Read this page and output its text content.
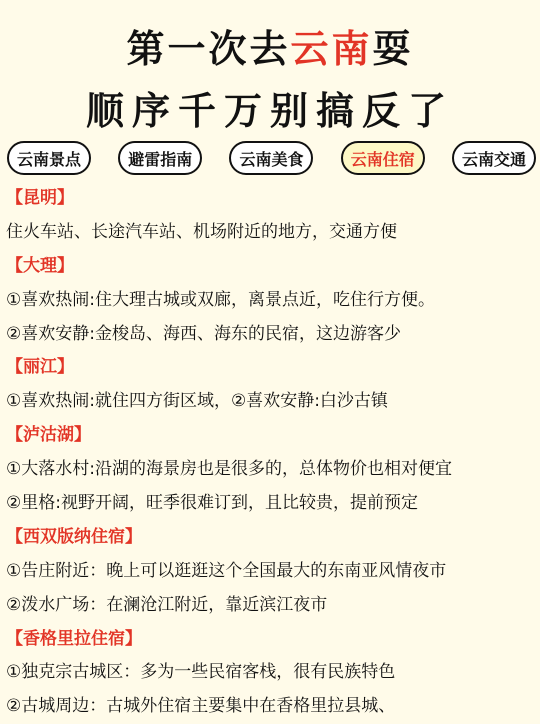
第一次去云南耍
顺序千万别搞反了
云南景点	避雷指南	云南美食	云南住宿	云南交通
【昆明】
住火车站、长途汽车站、机场附近的地方，交通方便
【大理】
①喜欢热闹:住大理古城或双廊，离景点近，吃住行方便。
②喜欢安静:金梭岛、海西、海东的民宿，这边游客少
【丽江】
①喜欢热闹:就住四方街区域，②喜欢安静:白沙古镇
【泸沽湖】
①大落水村:沿湖的海景房也是很多的，总体物价也相对便宜
②里格:视野开阔，旺季很难订到，且比较贵，提前预定
【西双版纳住宿】
①告庄附近：晚上可以逛逛这个全国最大的东南亚风情夜市
②泼水广场：在澜沧江附近，靠近滨江夜市
【香格里拉住宿】
①独克宗古城区：多为一些民宿客栈，很有民族特色
②古城周边：古城外住宿主要集中在香格里拉县城、
